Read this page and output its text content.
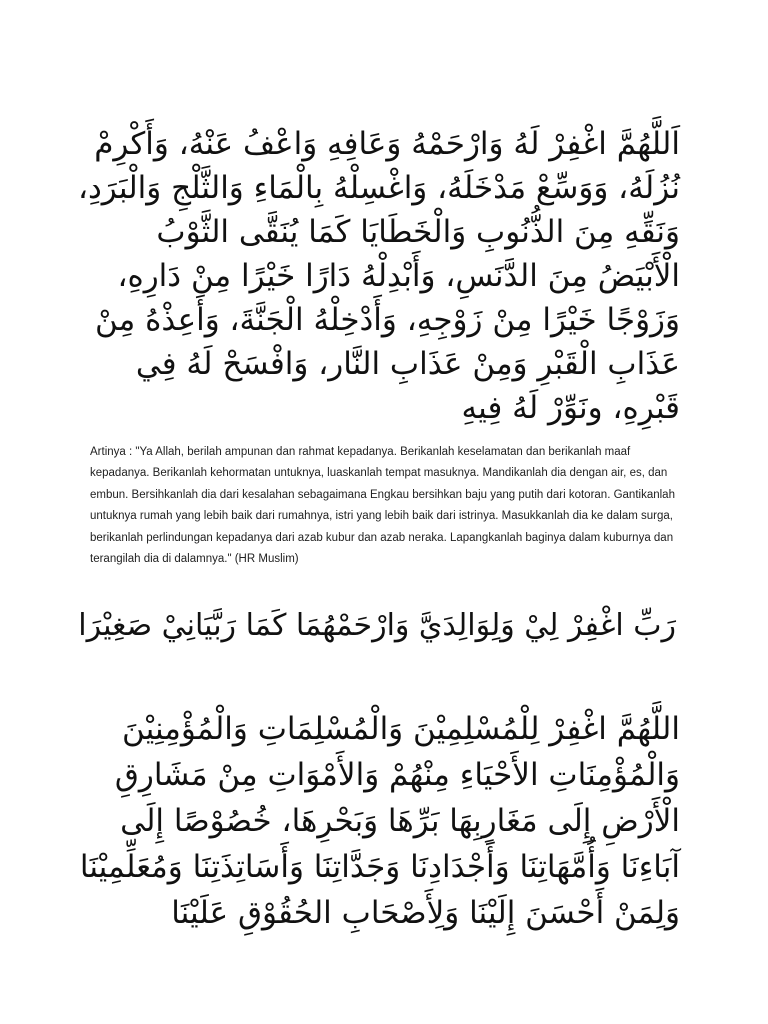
اَللَّهُمَّ اغْفِرْ لَهُ وَارْحَمْهُ وَعَافِهِ وَاعْفُ عَنْهُ، وَأَكْرِمْ
نُزُلَهُ، وَوَسِّعْ مَدْخَلَهُ، وَاغْسِلْهُ بِالْمَاءِ وَالثَّلْجِ وَالْبَرَدِ،
وَنَقِّهِ مِنَ الذُّنُوبِ وَالْخَطَايَا كَمَا يُنَقَّى الثَّوْبُ
الْأَبْيَضُ مِنَ الدَّنَسِ، وَأَبْدِلْهُ دَارًا خَيْرًا مِنْ دَارِهِ،
وَزَوْجًا خَيْرًا مِنْ زَوْجِهِ، وَأَدْخِلْهُ الْجَنَّةَ، وَأَعِذْهُ مِنْ
عَذَابِ الْقَبْرِ وَمِنْ عَذَابِ النَّار، وَافْسَحْ لَهُ فِي
قَبْرِهِ، ونَوِّرْ لَهُ فِيهِ

Artinya : "Ya Allah, berilah ampunan dan rahmat kepadanya. Berikanlah keselamatan dan berikanlah maaf kepadanya. Berikanlah kehormatan untuknya, luaskanlah tempat masuknya. Mandikanlah dia dengan air, es, dan embun. Bersihkanlah dia dari kesalahan sebagaimana Engkau bersihkan baju yang putih dari kotoran. Gantikanlah untuknya rumah yang lebih baik dari rumahnya, istri yang lebih baik dari istrinya. Masukkanlah dia ke dalam surga, berikanlah perlindungan kepadanya dari azab kubur dan azab neraka. Lapangkanlah baginya dalam kuburnya dan terangilah dia di dalamnya." (HR Muslim)

رَبِّ اغْفِرْ لِيْ وَلِوَالِدَيَّ وَارْحَمْهُمَا كَمَا رَبَّيَانِيْ صَغِيْرَا
اللَّهُمَّ اغْفِرْ لِلْمُسْلِمِيْنَ وَالْمُسْلِمَاتِ وَالْمُؤْمِنِيْنَ
وَالْمُؤْمِنَاتِ الأَحْيَاءِ مِنْهُمْ وَالأَمْوَاتِ مِنْ مَشَارِقِ
الْأَرْضِ إِلَى مَغَارِبِهَا بَرِّهَا وَبَحْرِهَا، خُصُوْصًا إِلَى
آبَاءِنَا وَأُمَّهَاتِنَا وَأَجْدَادِنَا وَجَدَّاتِنَا وَأَسَاتِذَتِنَا وَمُعَلِّمِيْنَا
وَلِمَنْ أَحْسَنَ إِلَيْنَا وَلِأَصْحَابِ الحُقُوْقِ عَلَيْنَا
